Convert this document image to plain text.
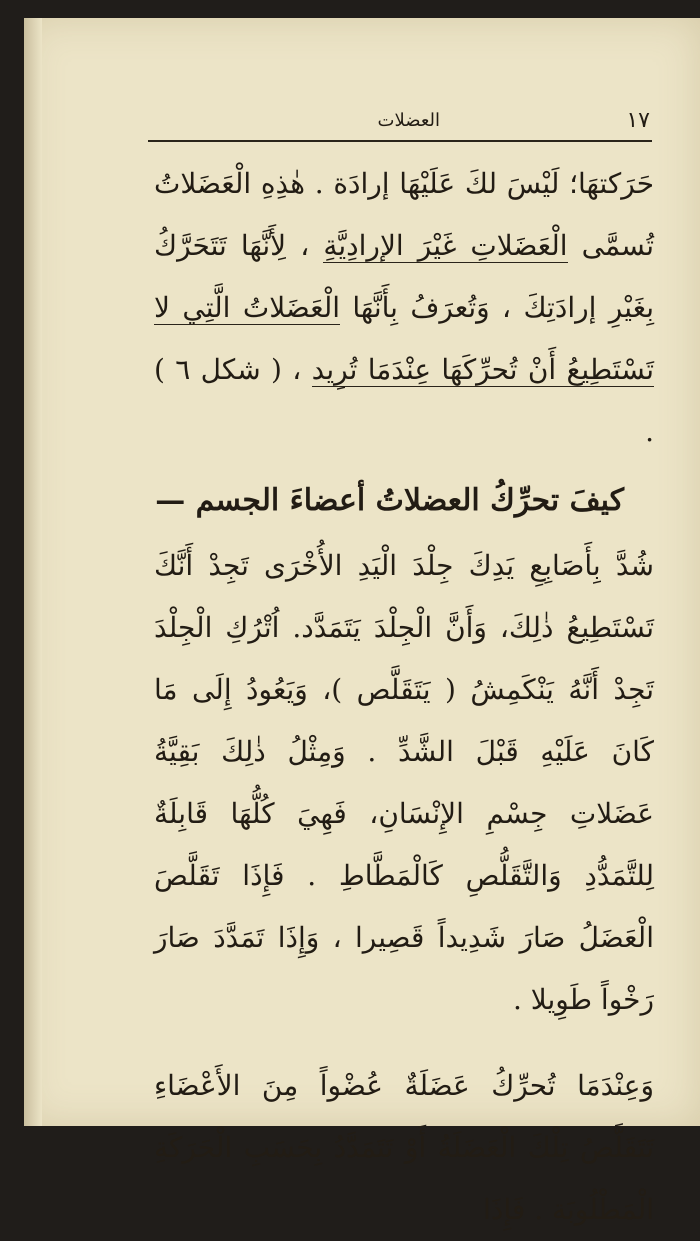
١٧
العضلات

حَرَكتهَا؛ لَيْسَ لكَ عَلَيْهَا إرادَة . هٰذِهِ الْعَضَلاتُ تُسمَّى الْعَضَلاتِ غَيْرَ الإرادِيَّةِ ، لِأَنَّهَا تَتَحَرَّكُ بِغَيْرِ إرادَتِكَ ، وَتُعرَفُ بِأَنَّهَا الْعَضَلاتُ الَّتِي لا تَسْتَطِيعُ أَنْ تُحرِّكَهَا عِنْدَمَا تُرِيد ، ( شكل ٦ ) .

كيفَ تحرِّكُ العضلاتُ أعضاءَ الجسم —

شُدَّ بِأَصَابِعِ يَدِكَ جِلْدَ الْيَدِ الأُخْرَى تَجِدْ أَنَّكَ تَسْتَطِيعُ ذٰلِكَ، وَأَنَّ الْجِلْدَ يَتَمَدَّد. اُتْرُكِ الْجِلْدَ تَجِدْ أَنَّهُ يَنْكَمِشُ ( يَتَقَلَّص )، وَيَعُودُ إِلَى مَا كَانَ عَلَيْهِ قَبْلَ الشَّدِّ . وَمِثْلُ ذٰلِكَ بَقِيَّةُ عَضَلاتِ جِسْمِ الإِنْسَانِ، فَهِيَ كُلُّهَا قَابِلَةٌ لِلتَّمَدُّدِ وَالتَّقَلُّصِ كَالْمَطَّاطِ . فَإِذَا تَقَلَّصَ الْعَضَلُ صَارَ شَدِيداً قَصِيرا ، وَإِذَا تَمَدَّدَ صَارَ رَخْواً طَوِيلا .

وَعِنْدَمَا تُحرِّكُ عَضَلَةٌ عُضْواً مِنَ الأَعْضَاءِ تَتَقَلَّصُ تِلْكَ الْعَضَلَةُ أَوْ تَتَمَدَّدُ بِحَسَبِ الْحَرَكَةِ الْمَطْلُوبَة . فَإِذَا
